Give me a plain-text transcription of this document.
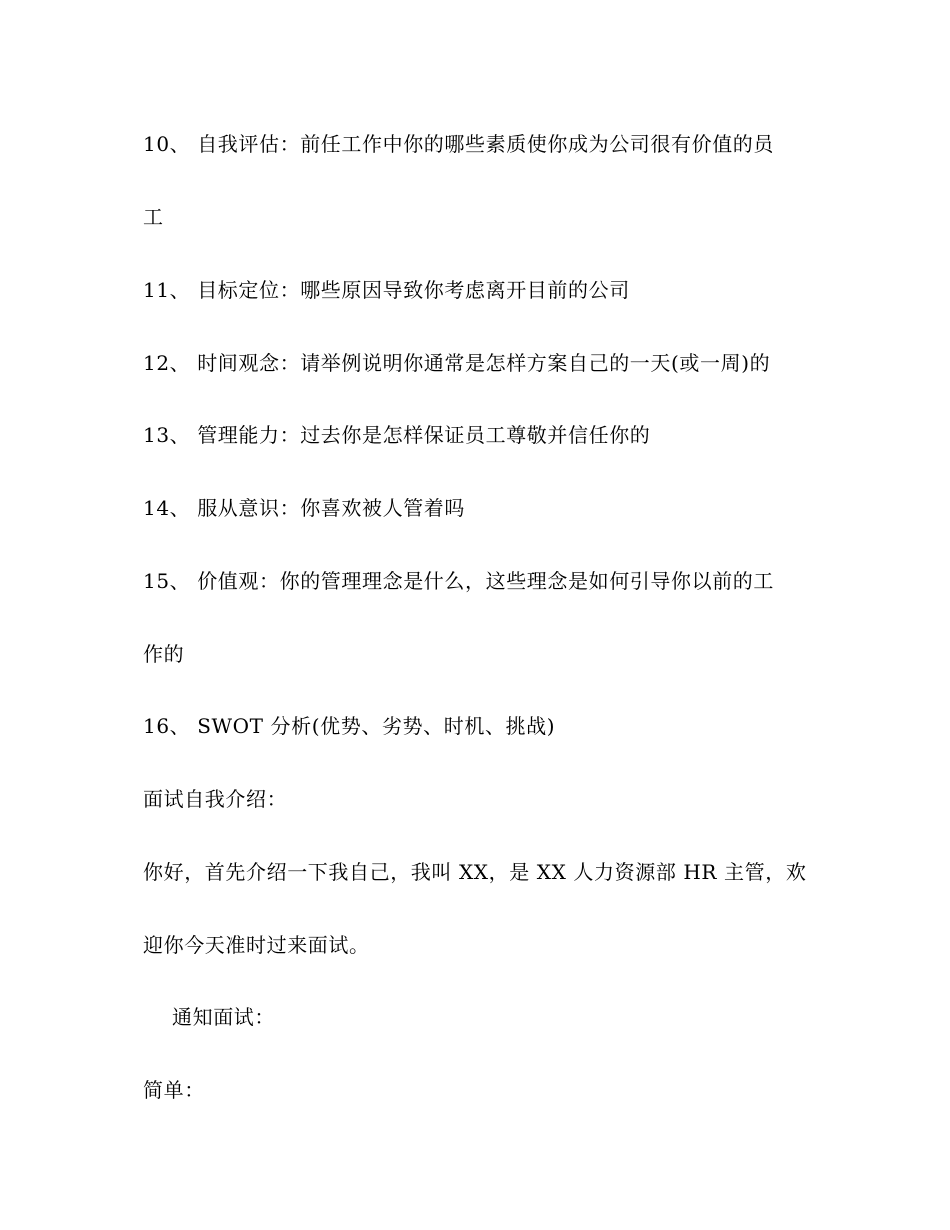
10、 自我评估：前任工作中你的哪些素质使你成为公司很有价值的员
工
11、 目标定位：哪些原因导致你考虑离开目前的公司
12、 时间观念：请举例说明你通常是怎样方案自己的一天(或一周)的
13、 管理能力：过去你是怎样保证员工尊敬并信任你的
14、 服从意识：你喜欢被人管着吗
15、 价值观：你的管理理念是什么，这些理念是如何引导你以前的工
作的
16、 SWOT 分析(优势、劣势、时机、挑战)
面试自我介绍：
你好，首先介绍一下我自己，我叫 XX，是 XX 人力资源部 HR 主管，欢
迎你今天准时过来面试。
通知面试：
简单：
